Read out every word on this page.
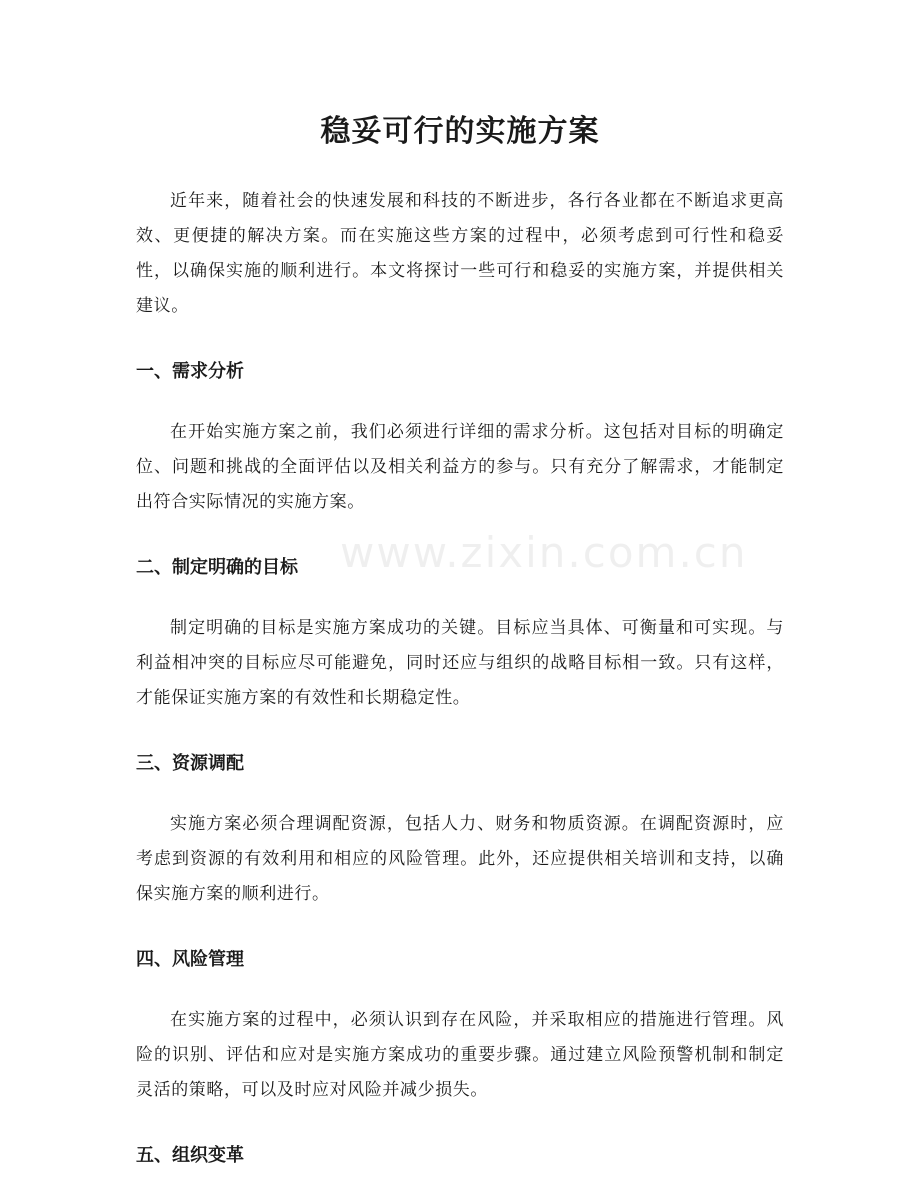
稳妥可行的实施方案

近年来，随着社会的快速发展和科技的不断进步，各行各业都在不断追求更高效、更便捷的解决方案。而在实施这些方案的过程中，必须考虑到可行性和稳妥性，以确保实施的顺利进行。本文将探讨一些可行和稳妥的实施方案，并提供相关建议。

一、需求分析

在开始实施方案之前，我们必须进行详细的需求分析。这包括对目标的明确定位、问题和挑战的全面评估以及相关利益方的参与。只有充分了解需求，才能制定出符合实际情况的实施方案。

二、制定明确的目标

制定明确的目标是实施方案成功的关键。目标应当具体、可衡量和可实现。与利益相冲突的目标应尽可能避免，同时还应与组织的战略目标相一致。只有这样，才能保证实施方案的有效性和长期稳定性。

三、资源调配

实施方案必须合理调配资源，包括人力、财务和物质资源。在调配资源时，应考虑到资源的有效利用和相应的风险管理。此外，还应提供相关培训和支持，以确保实施方案的顺利进行。

四、风险管理

在实施方案的过程中，必须认识到存在风险，并采取相应的措施进行管理。风险的识别、评估和应对是实施方案成功的重要步骤。通过建立风险预警机制和制定灵活的策略，可以及时应对风险并减少损失。

五、组织变革
www.zixin.com.cn
